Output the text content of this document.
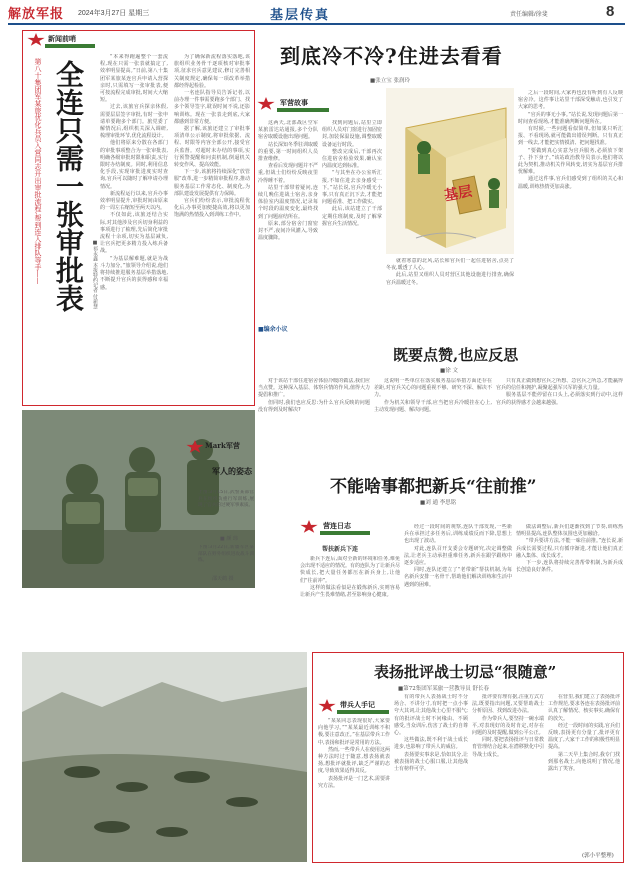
解放军报 2024年3月27日 星期三	基层传真	责任编辑/徐斐	8
新闻前哨
第八十集团军某旅优化兵员入营同志开出审批流程,帮到连入排队等手—— 全连只需一张审批表	■祁永鑫 本报特约记者 付新慧

“本来得跑遍整个一套流程,现在只需一张表就搞定了,效率明显提高。”日前,第八十集团军某旅某连官兵申请入营探亲时,只需填写一张审批表,便可按流程完成审批,时间大大缩短。

过去,该旅官兵探亲休假,需要层层签字审批,有时一张申请单要跑多个部门。旅党委了解情况后,组织机关深入调研,梳理审批环节,优化流程设计。

他们将原来分散在各部门的审批事项整合为一张审批表,明确各级审批时限和职责,实行限时办结制度。同时,利用信息化手段,实现审批进度实时查询,官兵可以随时了解申请办理情况。

新流程运行以来,官兵办事效率明显提升,审批时间由原来的一周左右缩短至两天以内。

不仅如此,该旅还结合实际,对其他涉及官兵切身利益的事项进行了梳理,先后简化审批流程十余项,切实为基层减负,让官兵把更多精力投入练兵备战。

“为基层解难题,就是为战斗力加分。”旅领导介绍说,他们将持续推进服务基层举措落地,不断提升官兵的获得感和幸福感。

为了确保新流程落实落地,该旅组织业务骨干逐项核对审批事项,征求官兵意见建议,修订完善相关制度规定,确保每一项改革举措都经得起检验。

一名连队指导员告诉记者,以前办理一件事需要跑多个部门、找多个领导签字,耽误时间不说,还影响训练。现在一张表走到底,大家都感到非常方便。

据了解,该旅还建立了审批事项清单公示制度,将审批依据、流程、时限等内容全部公开,接受官兵监督。对超时未办结的事项,实行预警提醒和问责机制,倒逼机关转变作风、提高效能。

下一步,该旅将持续深化“放管服”改革,进一步精简审批程序,推动服务基层工作常态化、制度化,为部队建设发展提供有力保障。

官兵们纷纷表示,审批流程优化后,办事更加便捷高效,将以更加饱满的热情投入到训练工作中。

到底冷不冷?住进去看看
■张立宝 张润玲
军营故事

这两天,北部战区空军某旅雷达站通报,多个分队宿舍取暖设施出现问题。

站长深知冬季驻训取暖的重要,第一时间组织人员排查维修。

查看后发现问题并不严重,但战士们纷纷反映夜里冷得睡不着。

站里干部带着疑问,连续几晚住进战士宿舍,亲身体验室内温度情况,记录每个时段的温度变化,最终找到了问题症结所在。

原来,部分宿舍门窗密封不严,夜间冷风灌入,导致温度骤降。

找到问题后,站里立即组织人员对门窗进行加固密封,加装保温设施,调整取暖设备运行时段。

整改完成后,干部再次住进宿舍检验效果,确认室内温度达到标准。

“与其坐在办公室听汇报,不如住进去亲身感受一下。”站长说,官兵冷暖无小事,只有真正沉下去,才能把问题看准、把工作做实。

此后,该站建立了干部定期住班制度,及时了解掌握官兵生活情况。

基层

之后一段时间,大家再也没有听到有人反映宿舍冷。这件事让站里干部深受触动,也引发了大家的思考。

“官兵的事无小事。”站长说,发现问题后第一时间查看现场,才能准确判断问题所在。

有时候,一些问题看似简单,但如果只听汇报、不看现场,就可能做出错误判断。只有真正到一线去,才能把实情摸清、把问题找准。

“要做到真心实意为官兵服务,必须放下架子、扑下身子。”该站政治教导员表示,他们将以此为契机,推动机关作风转变,切实为基层官兵排忧解难。

通过这件事,官兵们感受到了组织的关心和温暖,训练热情更加高涨。

就着寒意的北风,站长和官兵们一起住进宿舍,点亮了冬夜,暖透了人心。

此后,站里又组织人员对营区其他设施进行排查,确保官兵温暖过冬。

■编余小议
既要点赞,也应反思
■徐 文

对于该站干部住进宿舍体验冷暖的做法,我们应当点赞。这种深入基层、体察兵情的作风,值得大力提倡和推广。

但同时,我们也应反思:为什么官兵反映的问题没有得到及时解决?

这说明一些单位在落实服务基层举措方面还存在差距,对官兵关心的问题重视不够、研究不深、解决不力。

作为机关和领导干部,应当把官兵冷暖挂在心上,主动发现问题、解决问题。

只有真正做到想官兵之所想、急官兵之所急,才能赢得官兵的信任和拥护,凝聚起强军兴军的强大力量。

服务基层不能停留在口头上,必须落实到行动中,这样官兵的获得感才会越来越强。

Mark军营
军人的姿态
上图:3月15日,武警某部官兵在组织负重行军训练,展现了官兵的过硬军事素质。
■ 颜 玮
下图:3月22日,新疆军区某部队在野外组织进攻战斗训练。
邵天鹤 摄
不能啥事都把新兵“往前推”
■刘 通 李思铭
营连日志
帮扶新兵下连

新兵下连后,面对全新的环境和任务,难免会出现不适应的情况。有的连队为了让新兵尽快成长,把大量任务都压在新兵身上,让他们“往前冲”。

这样的做法看似是在锻炼新兵,实则容易让新兵产生畏难情绪,甚至影响身心健康。

经过一段时间的观察,连队干部发现,一些新兵在承担过多任务后,训练成绩反而下降,思想上也出现了波动。

对此,连队召开支委会专题研究,决定调整做法,让老兵主动承担重难任务,新兵在跟学跟练中逐步适应。

同时,连队还建立了“老带新”帮扶机制,为每名新兵安排一名骨干,帮助他们解决训练和生活中遇到的困难。

做法调整后,新兵们逐渐找到了节奏,训练热情明显提高,连队整体氛围也更加融洽。

“带兵要讲方法,不能一味往前推。”连长说,新兵成长需要过程,只有循序渐进,才能让他们真正融入集体、成长成才。

下一步,连队将持续完善帮带机制,为新兵成长创造良好条件。

表扬批评战士切忌“很随意”
■第72集团军某旅一营教导员 舒长春
带兵人手记

“某某同志表现很好,大家要向他学习。”“某某最近训练不积极,要注意改正。”在基层带兵工作中,表扬和批评是常用的方法。

然而,一些带兵人在使用这两种方法时过于随意,想表扬就表扬,想批评就批评,缺乏严谨的态度,导致效果适得其反。

表扬批评是一门艺术,需要讲究方法。

有的带兵人表扬战士时不分场合、不讲分寸,有时把一点小事夸大其词,让其他战士心里不服气;有的批评战士时不问缘由、不顾感受,当众训斥,伤害了战士的自尊心。

这些做法,既不利于战士成长进步,也影响了带兵人的威信。

表扬要实事求是,恰如其分,让被表扬的战士心服口服,让其他战士有榜样可学。

批评要有理有据,注重方式方法,既要指出问题,又要帮助战士分析原因、找到改进办法。

作为带兵人,要坚持一碗水端平,对表现好的及时肯定,对存在问题的及时提醒,做到公平公正。

同时,要把表扬批评与日常教育管理结合起来,在潜移默化中引导战士成长。

在营里,我们建立了表扬批评工作规范,要求各连在表扬批评前认真了解情况、核实事实,确保有的放矢。

经过一段时间的实践,官兵们反映,表扬更有分量了,批评更有温度了,大家干工作的积极性明显提高。

第二天早上集合时,我专门找到那名战士,向他说明了情况,他露出了笑容。

(郭小平整理)
